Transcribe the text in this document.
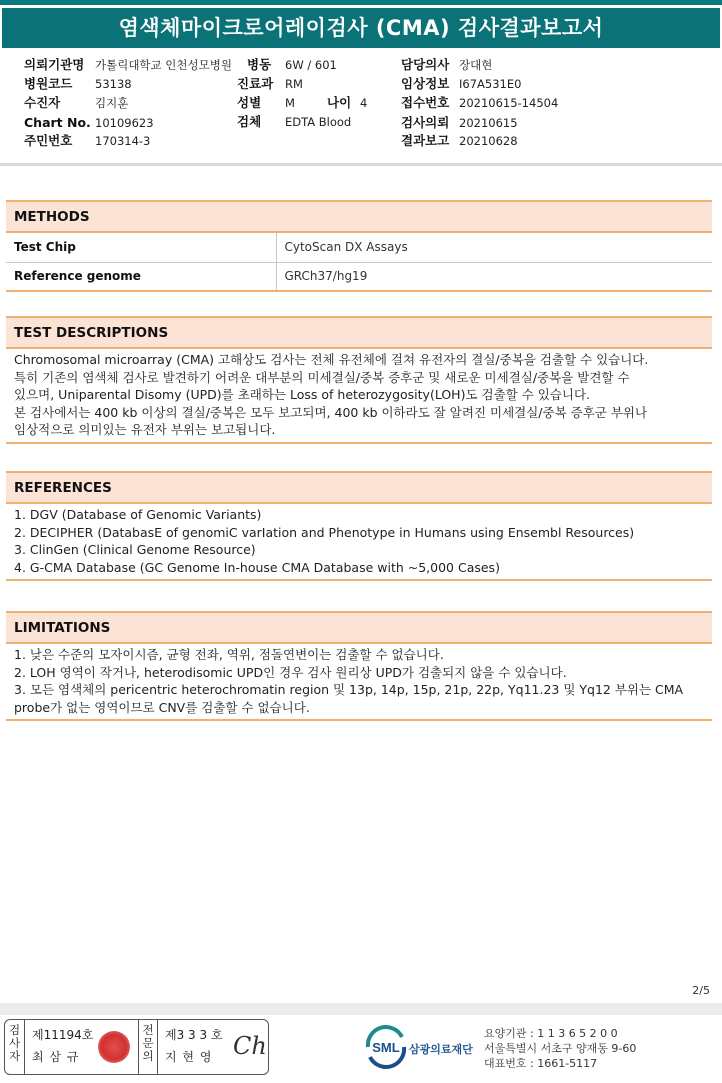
염색체마이크로어레이검사 (CMA) 검사결과보고서
의뢰기관명 가톨릭대학교 인천성모병원 병동 6W / 601	담당의사 장대현
병원코드 53138	진료과 RM	임상정보 I67A531E0
수진자	김지훈	성별 M	나이 4	접수번호 20210615-14504
Chart No. 10109623	검체 EDTA Blood	검사의뢰 20210615
주민번호 170314-3	결과보고 20210628
METHODS
Test Chip	CytoScan DX Assays
Reference genome	GRCh37/hg19
TEST DESCRIPTIONS
Chromosomal microarray (CMA) 고해상도 검사는 전체 유전체에 걸쳐 유전자의 결실/중복을 검출할 수 있습니다.
특히 기존의 염색체 검사로 발견하기 어려운 대부분의 미세결실/중복 증후군 및 새로운 미세결실/중복을 발견할 수
있으며, Uniparental Disomy (UPD)를 초래하는 Loss of heterozygosity(LOH)도 검출할 수 있습니다.
본 검사에서는 400 kb 이상의 결실/중복은 모두 보고되며, 400 kb 이하라도 잘 알려진 미세결실/중복 증후군 부위나
임상적으로 의미있는 유전자 부위는 보고됩니다.
REFERENCES
1. DGV (Database of Genomic Variants)
2. DECIPHER (DatabasE of genomiC varIation and Phenotype in Humans using Ensembl Resources)
3. ClinGen (Clinical Genome Resource)
4. G-CMA Database (GC Genome In-house CMA Database with ~5,000 Cases)
LIMITATIONS
1. 낮은 수준의 모자이시즘, 균형 전좌, 역위, 점돌연변이는 검출할 수 없습니다.
2. LOH 영역이 작거나, heterodisomic UPD인 경우 검사 원리상 UPD가 검출되지 않을 수 있습니다.
3. 모든 염색체의 pericentric heterochromatin region 및 13p, 14p, 15p, 21p, 22p, Yq11.23 및 Yq12 부위는 CMA
probe가 없는 영역이므로 CNV를 검출할 수 없습니다.
2/5
검
사
자
제11194호
최 삼 규
전
문
의
제3 3 3 호
지 현 영 Ch	SML 삼광의료재단
요양기관 : 1 1 3 6 5 2 0 0
서울특별시 서초구 양재동 9-60
대표번호 : 1661-5117
